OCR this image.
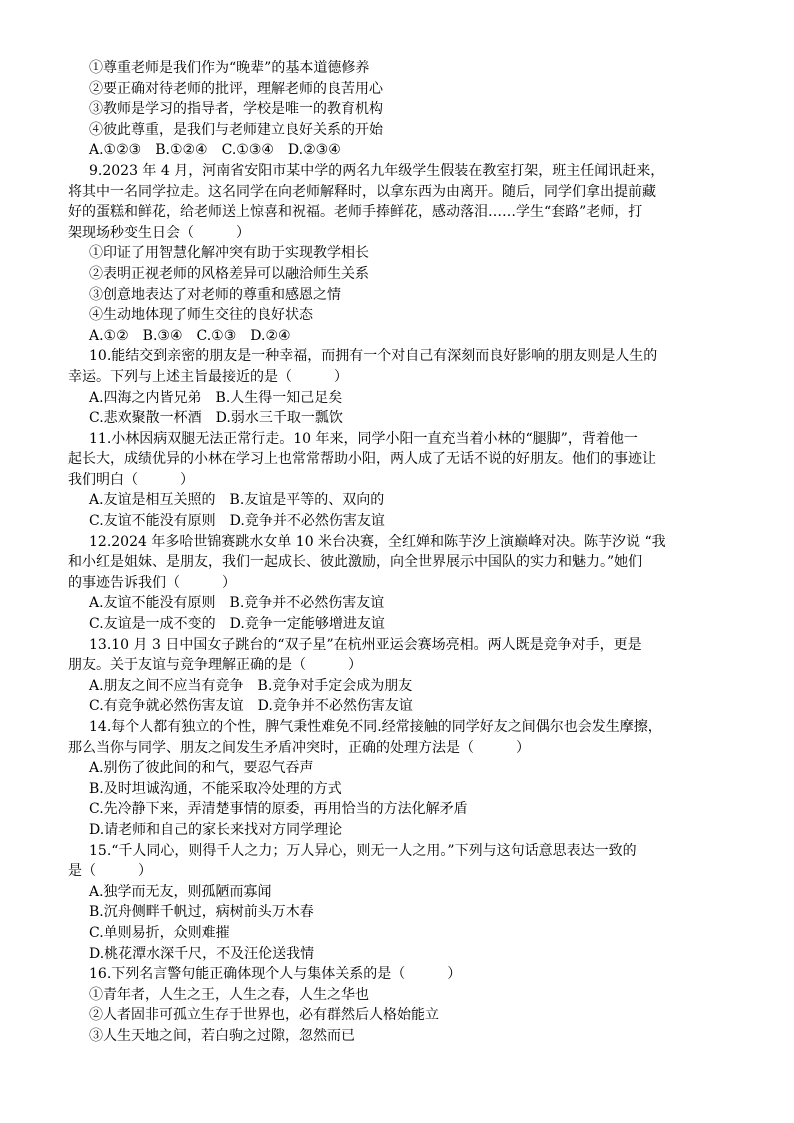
①尊重老师是我们作为“晚辈”的基本道德修养
②要正确对待老师的批评，理解老师的良苦用心
③教师是学习的指导者，学校是唯一的教育机构
④彼此尊重，是我们与老师建立良好关系的开始
A.①②③　B.①②④　C.①③④　D.②③④
9.2023 年 4 月，河南省安阳市某中学的两名九年级学生假装在教室打架，班主任闻讯赶来，
将其中一名同学拉走。这名同学在向老师解释时，以拿东西为由离开。随后，同学们拿出提前藏
好的蛋糕和鲜花，给老师送上惊喜和祝福。老师手捧鲜花，感动落泪……学生“套路”老师，打
架现场秒变生日会（　　　）
①印证了用智慧化解冲突有助于实现教学相长
②表明正视老师的风格差异可以融洽师生关系
③创意地表达了对老师的尊重和感恩之情
④生动地体现了师生交往的良好状态
A.①②　B.③④　C.①③　D.②④
10.能结交到亲密的朋友是一种幸福，而拥有一个对自己有深刻而良好影响的朋友则是人生的
幸运。下列与上述主旨最接近的是（　　　）
A.四海之内皆兄弟　B.人生得一知己足矣
C.悲欢聚散一杯酒　D.弱水三千取一瓢饮
11.小林因病双腿无法正常行走。10 年来，同学小阳一直充当着小林的“腿脚”，背着他一
起长大，成绩优异的小林在学习上也常常帮助小阳，两人成了无话不说的好朋友。他们的事迹让
我们明白（　　　）
A.友谊是相互关照的　B.友谊是平等的、双向的
C.友谊不能没有原则　D.竞争并不必然伤害友谊
12.2024 年多哈世锦赛跳水女单 10 米台决赛，全红婵和陈芋汐上演巅峰对决。陈芋汐说 “我
和小红是姐妹、是朋友，我们一起成长、彼此激励，向全世界展示中国队的实力和魅力。”她们
的事迹告诉我们（　　　）
A.友谊不能没有原则　B.竞争并不必然伤害友谊
C.友谊是一成不变的　D.竞争一定能够增进友谊
13.10 月 3 日中国女子跳台的“双子星”在杭州亚运会赛场亮相。两人既是竞争对手，更是
朋友。关于友谊与竞争理解正确的是（　　　）
A.朋友之间不应当有竞争　B.竞争对手定会成为朋友
C.有竞争就必然伤害友谊　D.竞争并不必然伤害友谊
14.每个人都有独立的个性，脾气秉性难免不同.经常接触的同学好友之间偶尔也会发生摩擦，
那么当你与同学、朋友之间发生矛盾冲突时，正确的处理方法是（　　　）
A.别伤了彼此间的和气，要忍气吞声
B.及时坦诚沟通，不能采取冷处理的方式
C.先冷静下来，弄清楚事情的原委，再用恰当的方法化解矛盾
D.请老师和自己的家长来找对方同学理论
15.“千人同心，则得千人之力；万人异心，则无一人之用。”下列与这句话意思表达一致的
是（　　　）
A.独学而无友，则孤陋而寡闻
B.沉舟侧畔千帆过，病树前头万木春
C.单则易折，众则难摧
D.桃花潭水深千尺，不及汪伦送我情
16.下列名言警句能正确体现个人与集体关系的是（　　　）
①青年者，人生之王，人生之春，人生之华也
②人者固非可孤立生存于世界也，必有群然后人格始能立
③人生天地之间，若白驹之过隙，忽然而已
